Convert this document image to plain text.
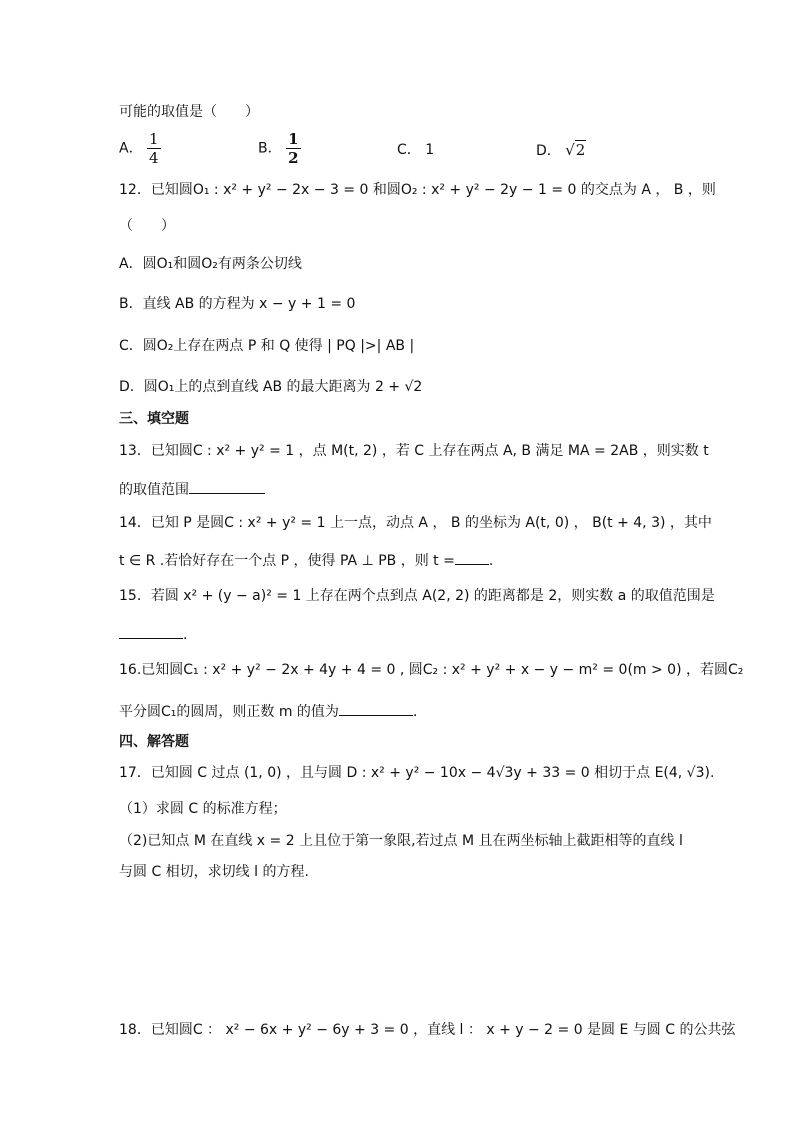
可能的取值是（　　）
A． $\frac{1}{4}$	B． $\frac{1}{2}$	C． 1	D． √2
12．已知圆O₁ : x² + y² − 2x − 3 = 0 和圆O₂ : x² + y² − 2y − 1 = 0 的交点为 A ， B ，则
（　　）
A．圆O₁和圆O₂有两条公切线
B．直线 AB 的方程为 x − y + 1 = 0
C．圆O₂上存在两点 P 和 Q 使得 | PQ |>| AB |
D．圆O₁上的点到直线 AB 的最大距离为 2 + √2
三、填空题
13．已知圆C : x² + y² = 1 ，点 M(t, 2) ，若 C 上存在两点 A, B 满足 MA = 2AB ，则实数 t
的取值范围
14．已知 P 是圆C : x² + y² = 1 上一点，动点 A ， B 的坐标为 A(t, 0) ， B(t + 4, 3) ，其中
t ∈ R .若恰好存在一个点 P ，使得 PA ⊥ PB ，则 t = .
15．若圆 x² + (y − a)² = 1 上存在两个点到点 A(2, 2) 的距离都是 2，则实数 a 的取值范围是
.
16.已知圆C₁ : x² + y² − 2x + 4y + 4 = 0 , 圆C₂ : x² + y² + x − y − m² = 0(m > 0) ，若圆C₂
平分圆C₁的圆周，则正数 m 的值为	.
四、解答题
17．已知圆 C 过点 (1, 0) ，且与圆 D : x² + y² − 10x − 4√3y + 33 = 0 相切于点 E(4, √3).
（1）求圆 C 的标准方程；
（2)已知点 M 在直线 x = 2 上且位于第一象限,若过点 M 且在两坐标轴上截距相等的直线 l
与圆 C 相切，求切线 l 的方程.
18．已知圆C ： x² − 6x + y² − 6y + 3 = 0 ，直线 l ： x + y − 2 = 0 是圆 E 与圆 C 的公共弦
